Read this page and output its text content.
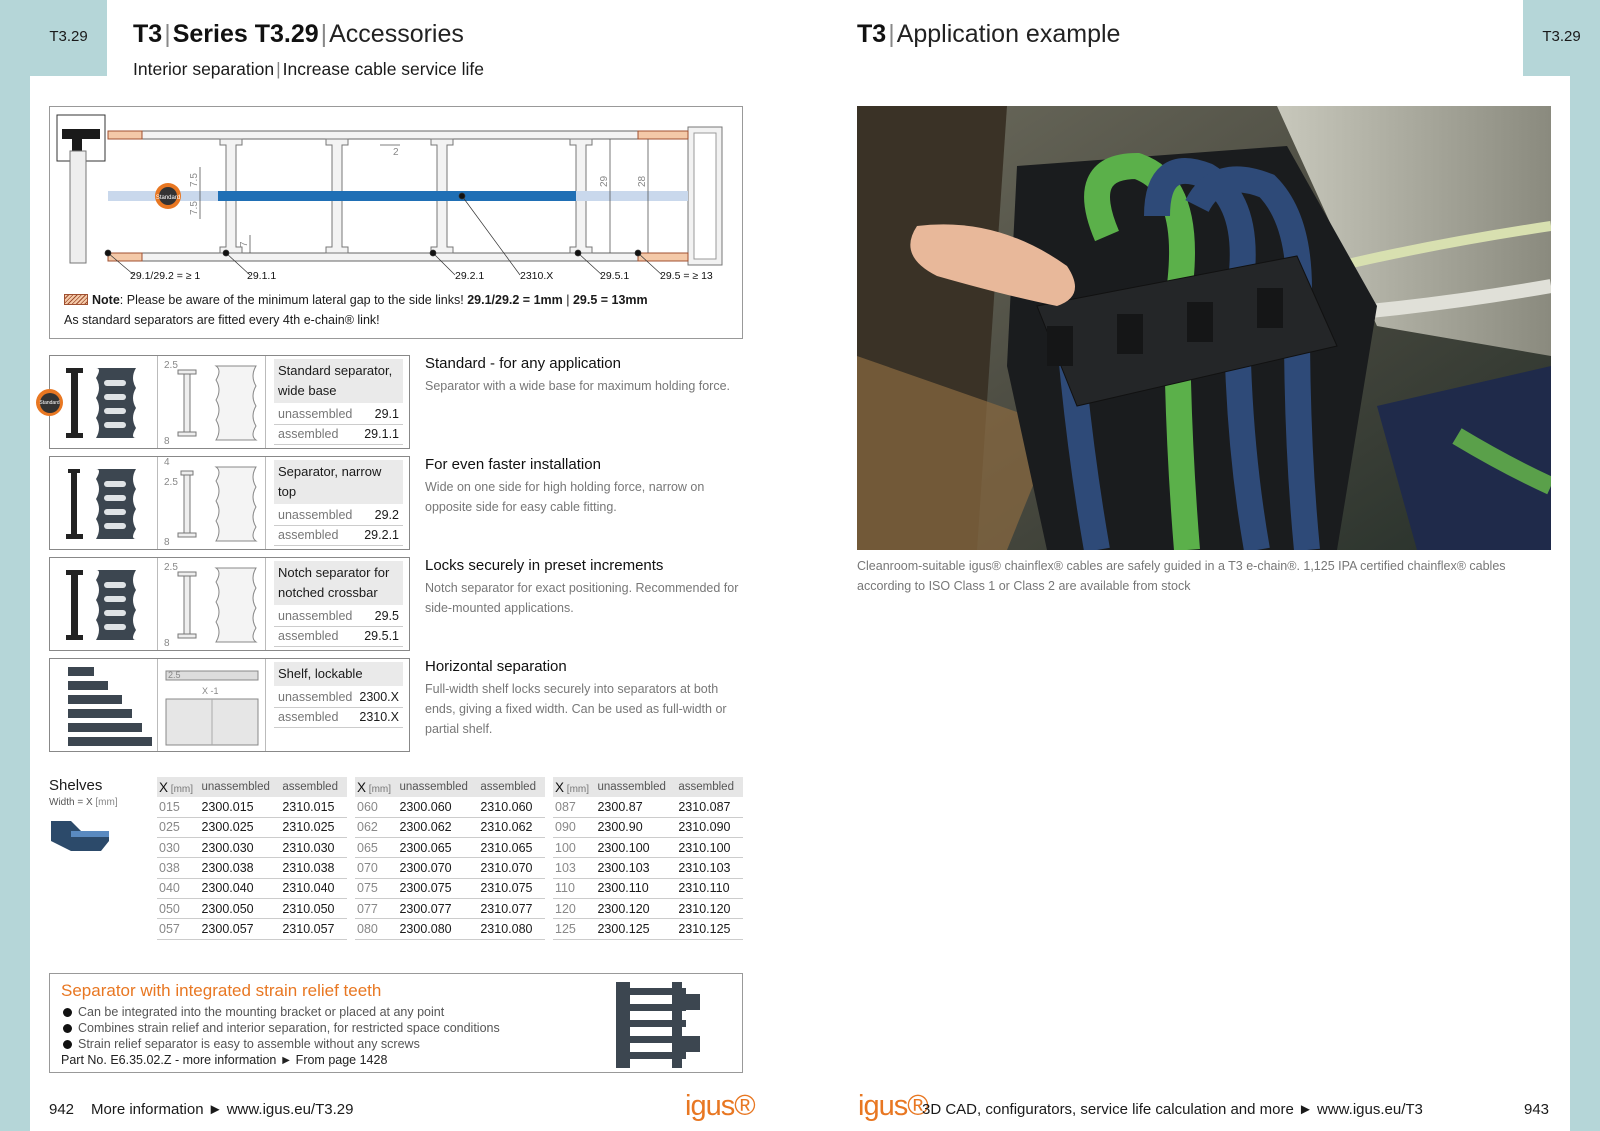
T3.29	T3|Series T3.29|Accessories
Interior separation | Increase cable service life
7.5
7.5
7
2
29	28
Standard
29.1/29.2 = ≥ 1	29.1.1	29.2.1	2310.X	29.5.1	29.5 = ≥ 13
Note: Please be aware of the minimum lateral gap to the side links! 29.1/29.2 = 1mm | 29.5 = 13mm
As standard separators are fitted every 4th e-chain® link!
2.5
8
Standard separator, wide base
unassembled 29.1
assembled 29.1.1
Standard
Standard - for any application
Separator with a wide base for maximum holding force.
4
2.5
8
Separator, narrow top
unassembled 29.2
assembled 29.2.1
For even faster installation
Wide on one side for high holding force, narrow on opposite side for easy cable fitting.
2.5
8
Notch separator for notched crossbar
unassembled 29.5
assembled 29.5.1
Locks securely in preset increments
Notch separator for exact positioning. Recommended for side-mounted applications.
2.5
X -1
Shelf, lockable
unassembled 2300.X
assembled 2310.X
Horizontal separation
Full-width shelf locks securely into separators at both ends, giving a fixed width. Can be used as full-width or partial shelf.
Shelves
Width = X [mm]
X [mm]	unassembled	assembled
015	2300.015	2310.015
025	2300.025	2310.025
030	2300.030	2310.030
038	2300.038	2310.038
040	2300.040	2310.040
050	2300.050	2310.050
057	2300.057	2310.057
X [mm]	unassembled	assembled
060	2300.060	2310.060
062	2300.062	2310.062
065	2300.065	2310.065
070	2300.070	2310.070
075	2300.075	2310.075
077	2300.077	2310.077
080	2300.080	2310.080
X [mm]	unassembled	assembled
087	2300.87	2310.087
090	2300.90	2310.090
100	2300.100	2310.100
103	2300.103	2310.103
110	2300.110	2310.110
120	2300.120	2310.120
125	2300.125	2310.125
Separator with integrated strain relief teeth
Can be integrated into the mounting bracket or placed at any point
Combines strain relief and interior separation, for restricted space conditions
Strain relief separator is easy to assemble without any screws
Part No. E6.35.02.Z - more information ► From page 1428
942 More information ► www.igus.eu/T3.29	igus®
T3.29
T3|Application example
Cleanroom-suitable igus® chainflex® cables are safely guided in a T3 e-chain®. 1,125 IPA certified chainflex® cables according to ISO Class 1 or Class 2 are available from stock
igus®
3D CAD, configurators, service life calculation and more ► www.igus.eu/T3	943
